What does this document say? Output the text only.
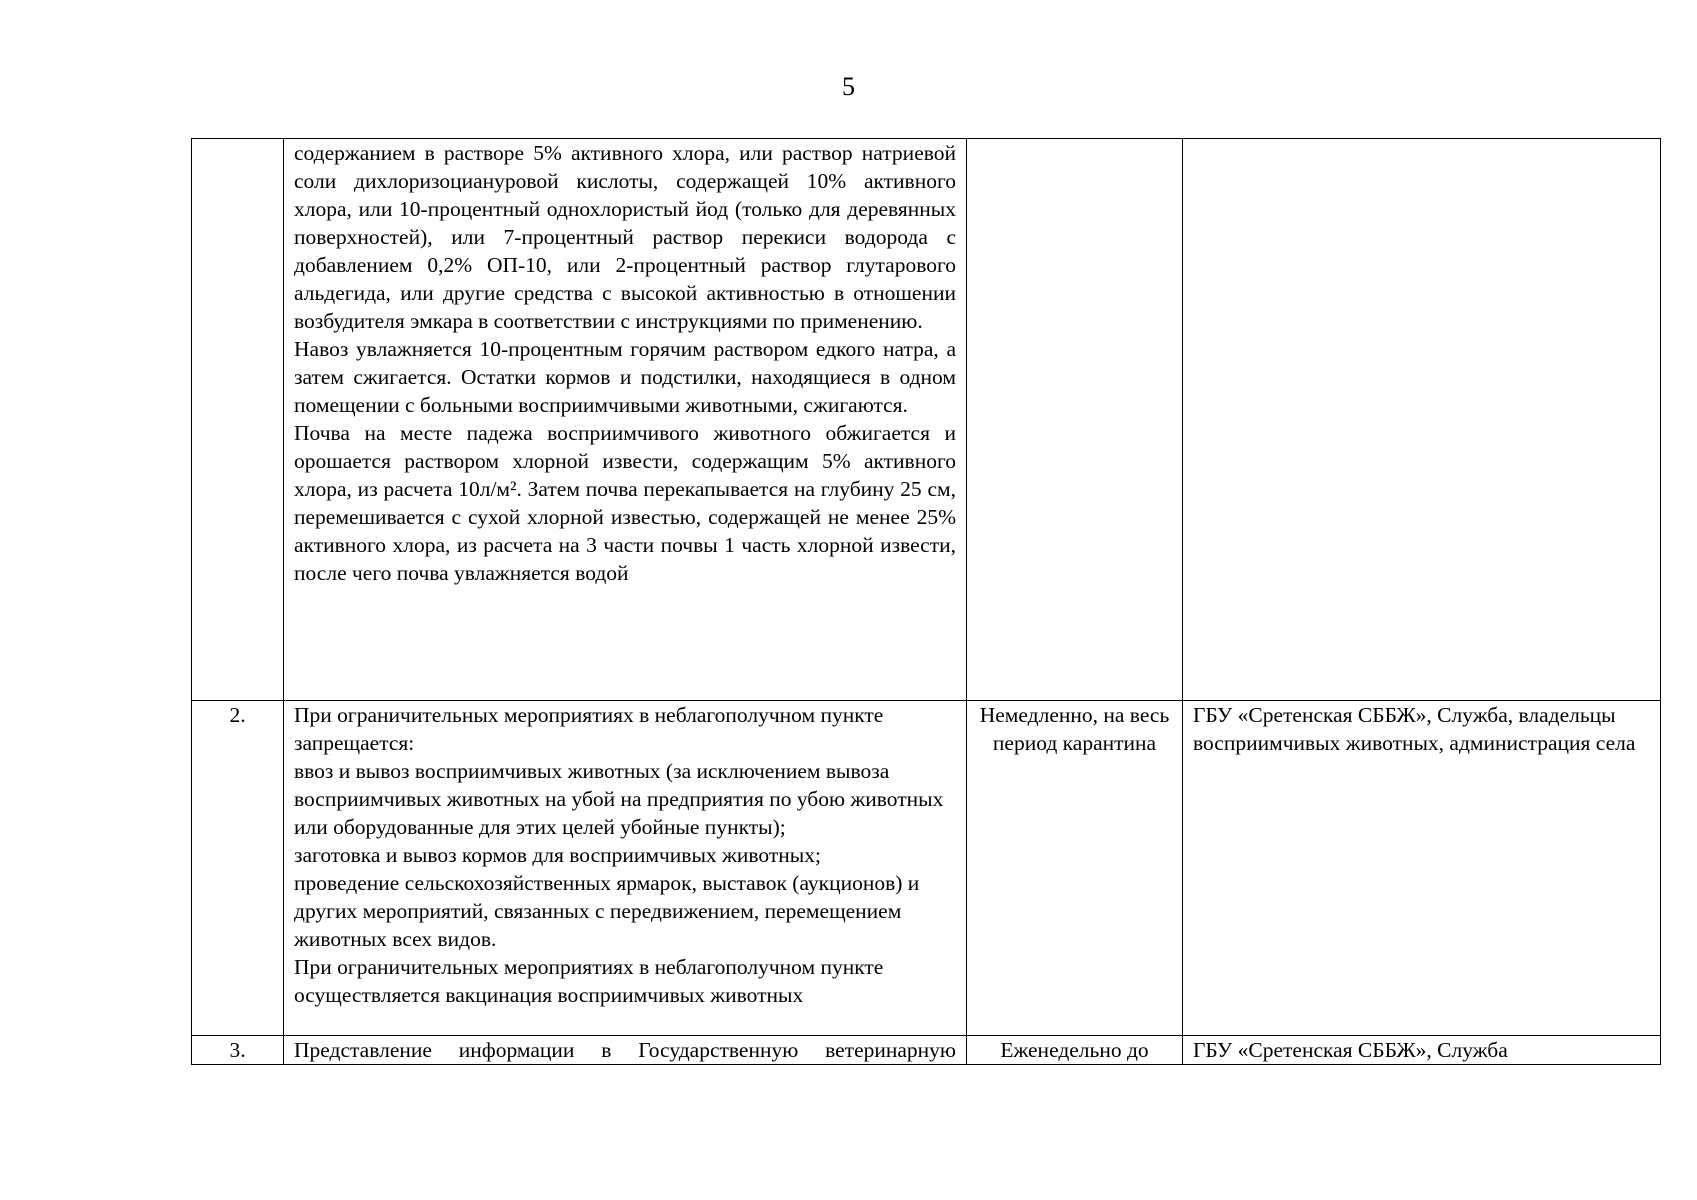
5

	содержанием в растворе 5% активного хлора, или раствор натриевой соли дихлоризоциануровой кислоты, содержащей 10% активного хлора, или 10-процентный однохлористый йод (только для деревянных поверхностей), или 7-процентный раствор перекиси водорода с добавлением 0,2% ОП-10, или 2-процентный раствор глутарового альдегида, или другие средства с высокой активностью в отношении возбудителя эмкара в соответствии с инструкциями по применению.

Навоз увлажняется 10-процентным горячим раствором едкого натра, а затем сжигается. Остатки кормов и подстилки, находящиеся в одном помещении с больными восприимчивыми животными, сжигаются.

Почва на месте падежа восприимчивого животного обжигается и орошается раствором хлорной извести, содержащим 5% активного хлора, из расчета 10л/м². Затем почва перекапывается на глубину 25 см, перемешивается с сухой хлорной известью, содержащей не менее 25% активного хлора, из расчета на 3 части почвы 1 часть хлорной извести, после чего почва увлажняется водой		

2.	При ограничительных мероприятиях в неблагополучном пункте запрещается:

ввоз и вывоз восприимчивых животных (за исключением вывоза восприимчивых животных на убой на предприятия по убою животных или оборудованные для этих целей убойные пункты);

заготовка и вывоз кормов для восприимчивых животных;

проведение сельскохозяйственных ярмарок, выставок (аукционов) и других мероприятий, связанных с передвижением, перемещением животных всех видов.

При ограничительных мероприятиях в неблагополучном пункте осуществляется вакцинация восприимчивых животных	Немедленно, на весь период карантина	ГБУ «Сретенская СББЖ», Служба, владельцы восприимчивых животных, администрация села
3.	Представление информации в Государственную ветеринарную	Еженедельно до	ГБУ «Сретенская СББЖ», Служба
